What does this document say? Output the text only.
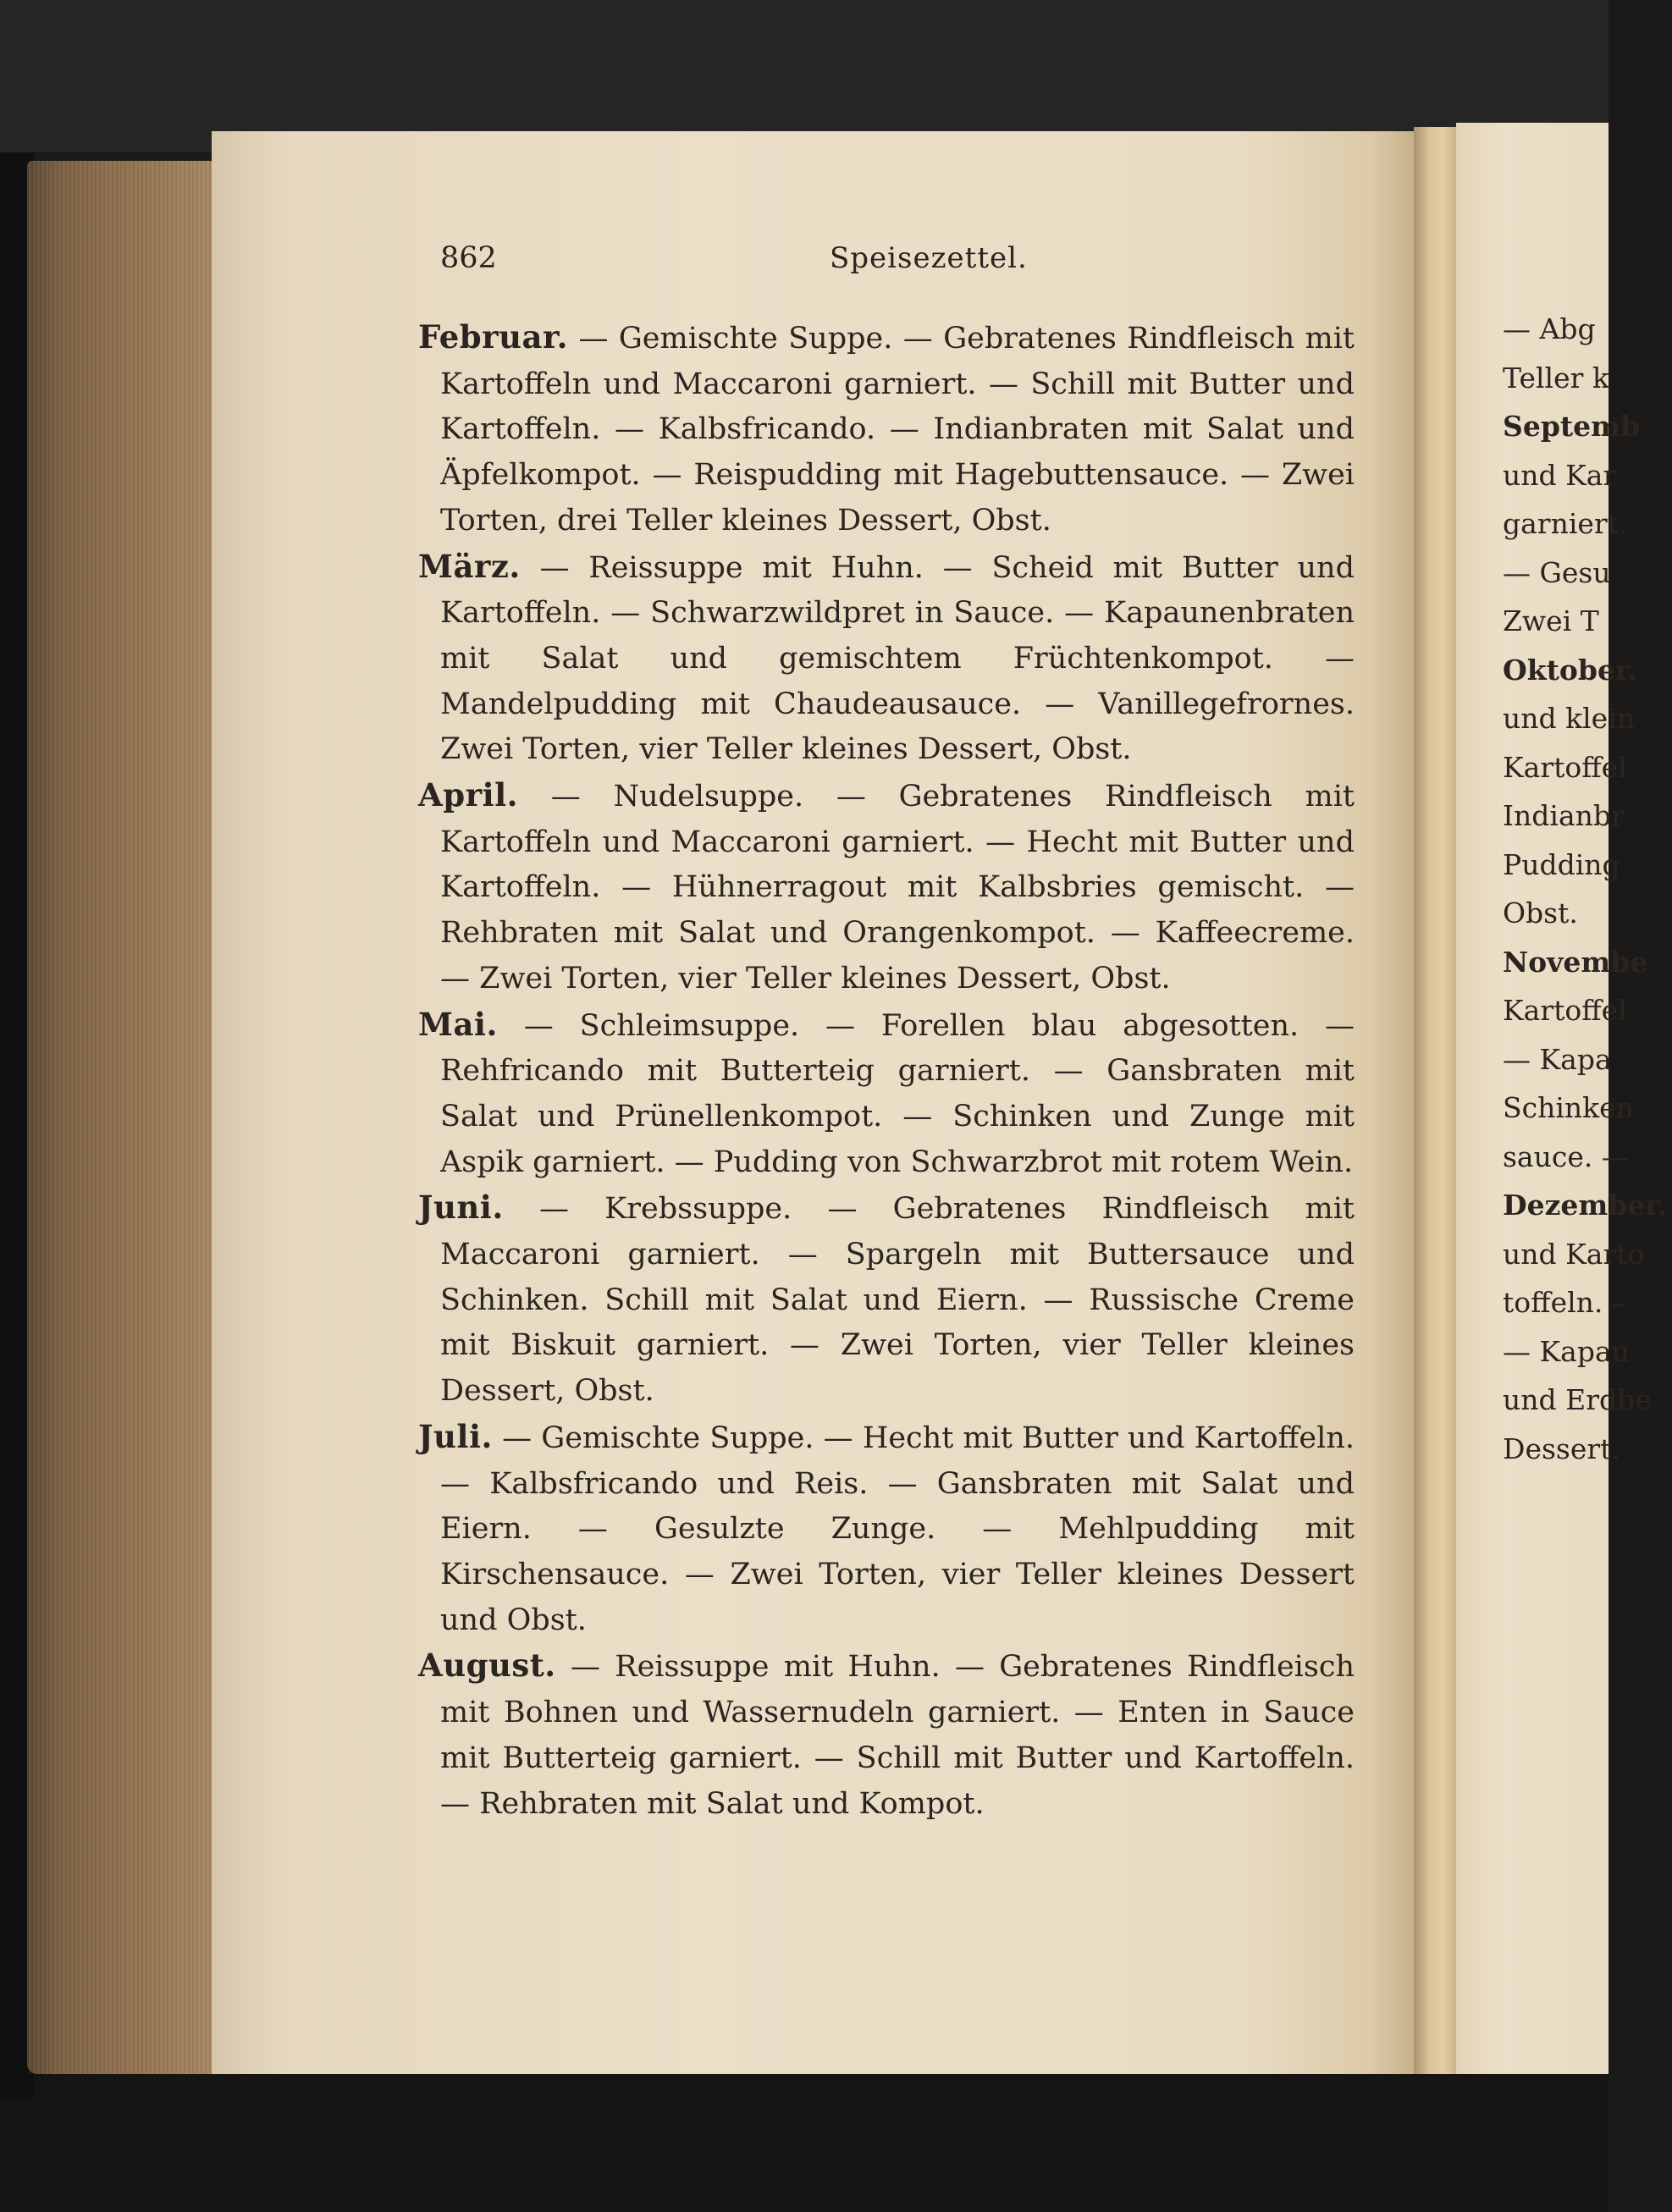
862	Speisezettel.

Februar. — Gemischte Suppe. — Gebratenes Rindfleisch mit Kartoffeln und Maccaroni garniert. — Schill mit Butter und Kartoffeln. — Kalbsfricando. — Indianbraten mit Salat und Äpfelkompot. — Reispudding mit Hagebuttensauce. — Zwei Torten, drei Teller kleines Dessert, Obst.

März. — Reissuppe mit Huhn. — Scheid mit Butter und Kartoffeln. — Schwarzwildpret in Sauce. — Kapaunenbraten mit Salat und gemischtem Früchtenkompot. — Mandelpudding mit Chaudeausauce. — Vanillegefrornes. Zwei Torten, vier Teller kleines Dessert, Obst.

April. — Nudelsuppe. — Gebratenes Rindfleisch mit Kartoffeln und Maccaroni garniert. — Hecht mit Butter und Kartoffeln. — Hühnerragout mit Kalbsbries gemischt. — Rehbraten mit Salat und Orangenkompot. — Kaffeecreme. — Zwei Torten, vier Teller kleines Dessert, Obst.

Mai. — Schleimsuppe. — Forellen blau abgesotten. — Rehfricando mit Butterteig garniert. — Gansbraten mit Salat und Prünellenkompot. — Schinken und Zunge mit Aspik garniert. — Pudding von Schwarzbrot mit rotem Wein.

Juni. — Krebssuppe. — Gebratenes Rindfleisch mit Maccaroni garniert. — Spargeln mit Buttersauce und Schinken. Schill mit Salat und Eiern. — Russische Creme mit Biskuit garniert. — Zwei Torten, vier Teller kleines Dessert, Obst.

Juli. — Gemischte Suppe. — Hecht mit Butter und Kartoffeln. — Kalbsfricando und Reis. — Gansbraten mit Salat und Eiern. — Gesulzte Zunge. — Mehlpudding mit Kirschensauce. — Zwei Torten, vier Teller kleines Dessert und Obst.

August. — Reissuppe mit Huhn. — Gebratenes Rindfleisch mit Bohnen und Wassernudeln garniert. — Enten in Sauce mit Butterteig garniert. — Schill mit Butter und Kartoffeln. — Rehbraten mit Salat und Kompot.

— Abg
Teller k
Septemb
und Kar
garniert.
— Gesu
Zwei T
Oktober.
und klein
Kartoffel
Indianbr
Pudding
Obst.
Novembe
Kartoffel
— Kapa
Schinken
sauce. —
Dezember.
und Karto
toffeln. –
— Kapau
und Erdbe
Dessert.
